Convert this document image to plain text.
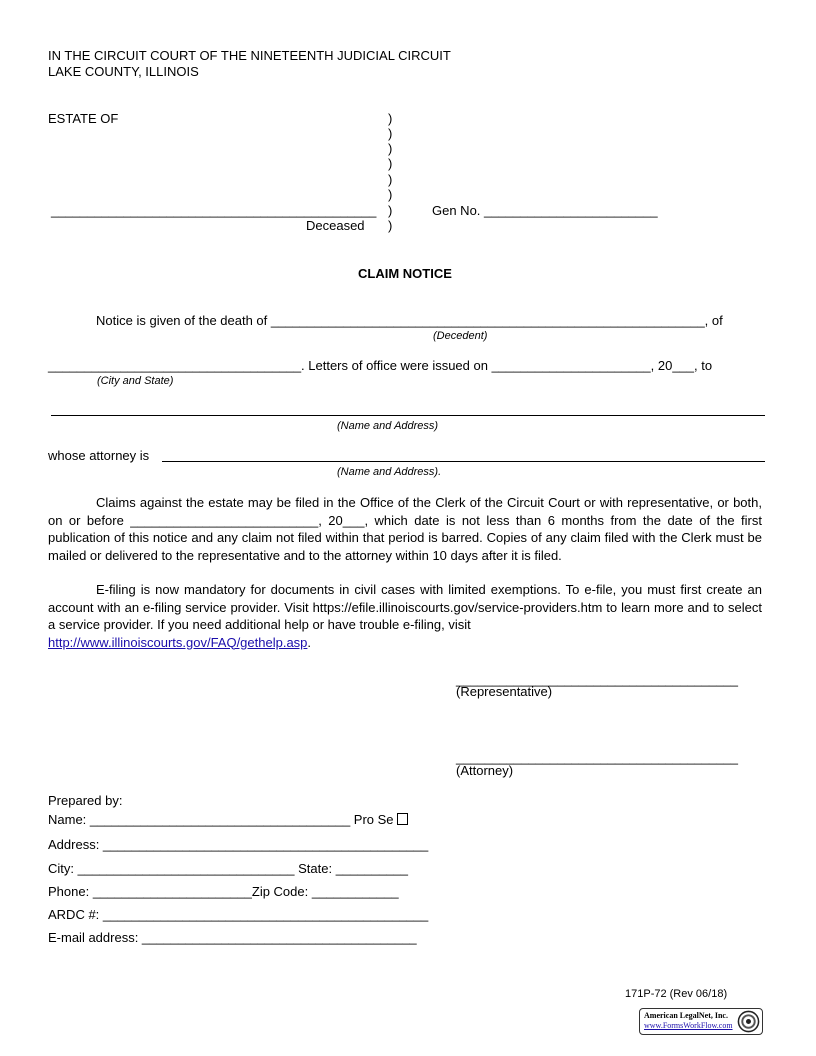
IN THE CIRCUIT COURT OF THE NINETEENTH JUDICIAL CIRCUIT
LAKE COUNTY, ILLINOIS
ESTATE OF	)
)
)
)
)
)
)
)
_____________________________________________	Gen No. ________________________
Deceased
CLAIM NOTICE
Notice is given of the death of ____________________________________________________________, of
(Decedent)
___________________________________. Letters of office were issued on ______________________, 20___, to
(City and State)
(Name and Address)
whose attorney is
(Name and Address).
Claims against the estate may be filed in the Office of the Clerk of the Circuit Court or with representative, or both, on or before __________________________, 20___, which date is not less than 6 months from the date of the first publication of this notice and any claim not filed within that period is barred. Copies of any claim filed with the Clerk must be mailed or delivered to the representative and to the attorney within 10 days after it is filed.
E-filing is now mandatory for documents in civil cases with limited exemptions. To e-file, you must first create an account with an e-filing service provider. Visit https://efile.illinoiscourts.gov/service-providers.htm to learn more and to select a service provider. If you need additional help or have trouble e-filing, visit
http://www.illinoiscourts.gov/FAQ/gethelp.asp.
_______________________________________
(Representative)
_______________________________________
(Attorney)
Prepared by:
Name: ____________________________________ Pro Se
Address: _____________________________________________
City: ______________________________ State: __________
Phone: ______________________Zip Code: ____________
ARDC #: _____________________________________________
E-mail address: ______________________________________
171P-72 (Rev 06/18)
American LegalNet, Inc.
www.FormsWorkFlow.com
